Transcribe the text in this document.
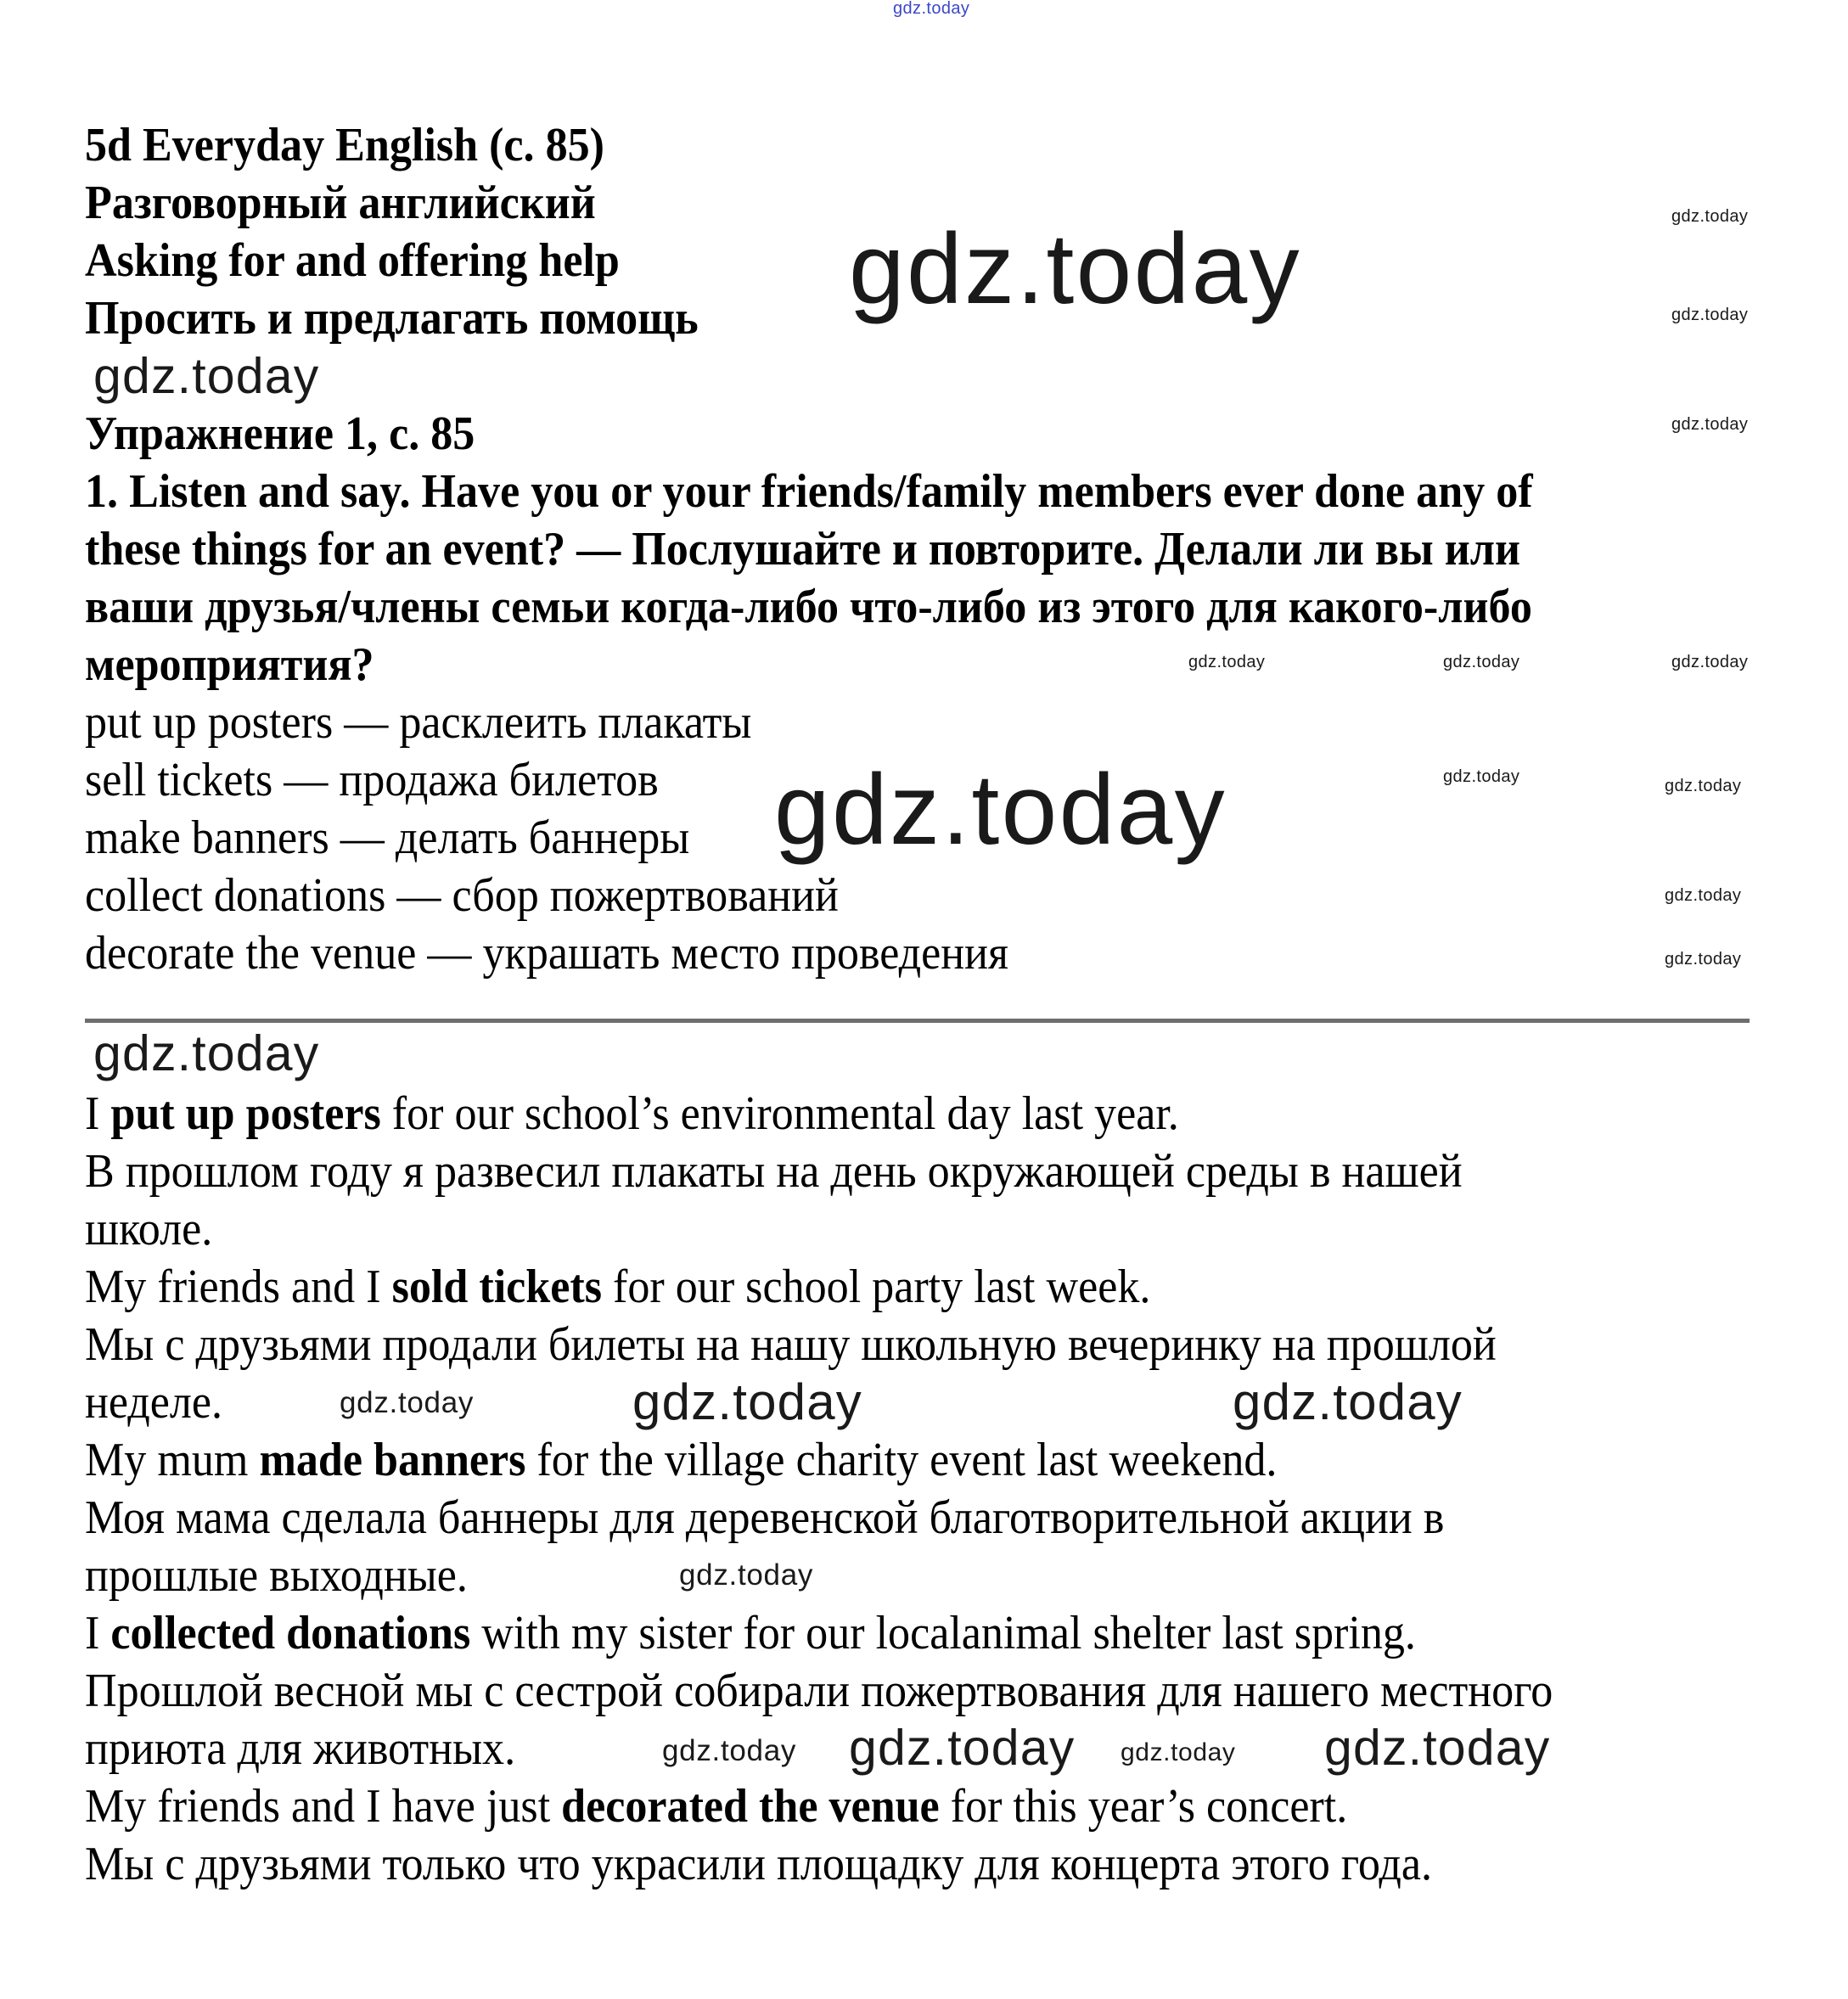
gdz.today
5d Everyday English (с. 85)
Разговорный английский
Asking for and offering help
Просить и предлагать помощь
Упражнение 1, с. 85
1. Listen and say. Have you or your friends/family members ever done any of
these things for an event? — Послушайте и повторите. Делали ли вы или
ваши друзья/члены семьи когда-либо что-либо из этого для какого-либо
мероприятия?
put up posters — расклеить плакаты
sell tickets — продажа билетов
make banners — делать баннеры
collect donations — сбор пожертвований
decorate the venue — украшать место проведения
I put up posters for our school’s environmental day last year.
В прошлом году я развесил плакаты на день окружающей среды в нашей
школе.
My friends and I sold tickets for our school party last week.
Мы с друзьями продали билеты на нашу школьную вечеринку на прошлой
неделе.
My mum made banners for the village charity event last weekend.
Моя мама сделала баннеры для деревенской благотворительной акции в
прошлые выходные.
I collected donations with my sister for our localanimal shelter last spring.
Прошлой весной мы с сестрой собирали пожертвования для нашего местного
приюта для животных.
My friends and I have just decorated the venue for this year’s concert.
Мы с друзьями только что украсили площадку для концерта этого года.
gdz.today
gdz.today
gdz.today
gdz.today
gdz.today
gdz.today
gdz.today
gdz.today
gdz.today
gdz.today	gdz.today
gdz.today
gdz.today
gdz.today
gdz.today	gdz.today	gdz.today
gdz.today
gdz.today gdz.today gdz.today gdz.today
